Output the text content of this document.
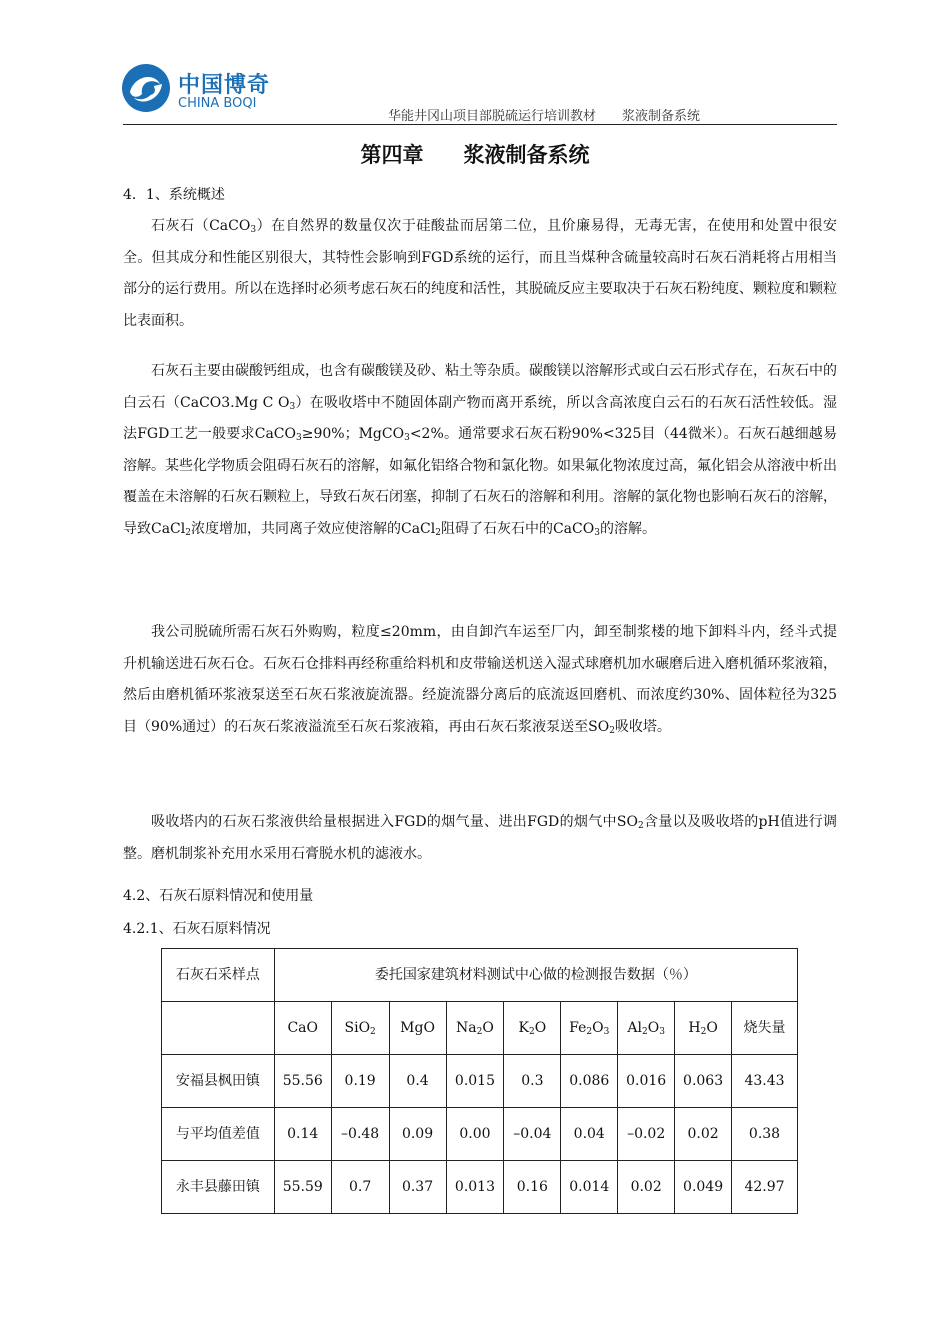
中国博奇
CHINA BOQI
华能井冈山项目部脱硫运行培训教材 浆液制备系统
第四章 浆液制备系统
4．1、系统概述

石灰石（CaCO$_3$）在自然界的数量仅次于硅酸盐而居第二位，且价廉易得，无毒无害，在使用和处置中很安全。但其成分和性能区别很大，其特性会影响到FGD系统的运行，而且当煤种含硫量较高时石灰石消耗将占用相当部分的运行费用。所以在选择时必须考虑石灰石的纯度和活性，其脱硫反应主要取决于石灰石粉纯度、颗粒度和颗粒比表面积。

石灰石主要由碳酸钙组成，也含有碳酸镁及砂、粘土等杂质。碳酸镁以溶解形式或白云石形式存在，石灰石中的白云石（CaCO3.Mg C $O_3$）在吸收塔中不随固体副产物而离开系统，所以含高浓度白云石的石灰石活性较低。湿法FGD工艺一般要求CaCO$_3$≥90%；MgCO$_3$<2%。通常要求石灰石粉90%<325目（44微米）。石灰石越细越易溶解。某些化学物质会阻碍石灰石的溶解，如氟化铝络合物和氯化物。如果氟化物浓度过高，氟化铝会从溶液中析出覆盖在未溶解的石灰石颗粒上，导致石灰石闭塞，抑制了石灰石的溶解和利用。溶解的氯化物也影响石灰石的溶解，导致CaCl$_2$浓度增加，共同离子效应使溶解的CaCl$_2$阻碍了石灰石中的CaCO$_3$的溶解。

我公司脱硫所需石灰石外购购，粒度≤20mm，由自卸汽车运至厂内，卸至制浆楼的地下卸料斗内，经斗式提升机输送进石灰石仓。石灰石仓排料再经称重给料机和皮带输送机送入湿式球磨机加水碾磨后进入磨机循环浆液箱，然后由磨机循环浆液泵送至石灰石浆液旋流器。经旋流器分离后的底流返回磨机、而浓度约30%、固体粒径为325目（90%通过）的石灰石浆液溢流至石灰石浆液箱，再由石灰石浆液泵送至$SO_2$吸收塔。

吸收塔内的石灰石浆液供给量根据进入FGD的烟气量、进出FGD的烟气中$SO_2$含量以及吸收塔的pH值进行调整。磨机制浆补充用水采用石膏脱水机的滤液水。

4.2、石灰石原料情况和使用量
4.2.1、石灰石原料情况
石灰石采样点	委托国家建筑材料测试中心做的检测报告数据（％）								
	CaO	SiO$_2$	MgO	$Na_2O$	$K_2O$	$Fe_2O_3$	$Al_2O_3$	$H_2O$	烧失量
安福县枫田镇	55.56	0.19	0.4	0.015	0.3	0.086	0.016	0.063	43.43
与平均值差值	0.14	–0.48	0.09	0.00	–0.04	0.04	–0.02	0.02	0.38
永丰县藤田镇	55.59	0.7	0.37	0.013	0.16	0.014	0.02	0.049	42.97
